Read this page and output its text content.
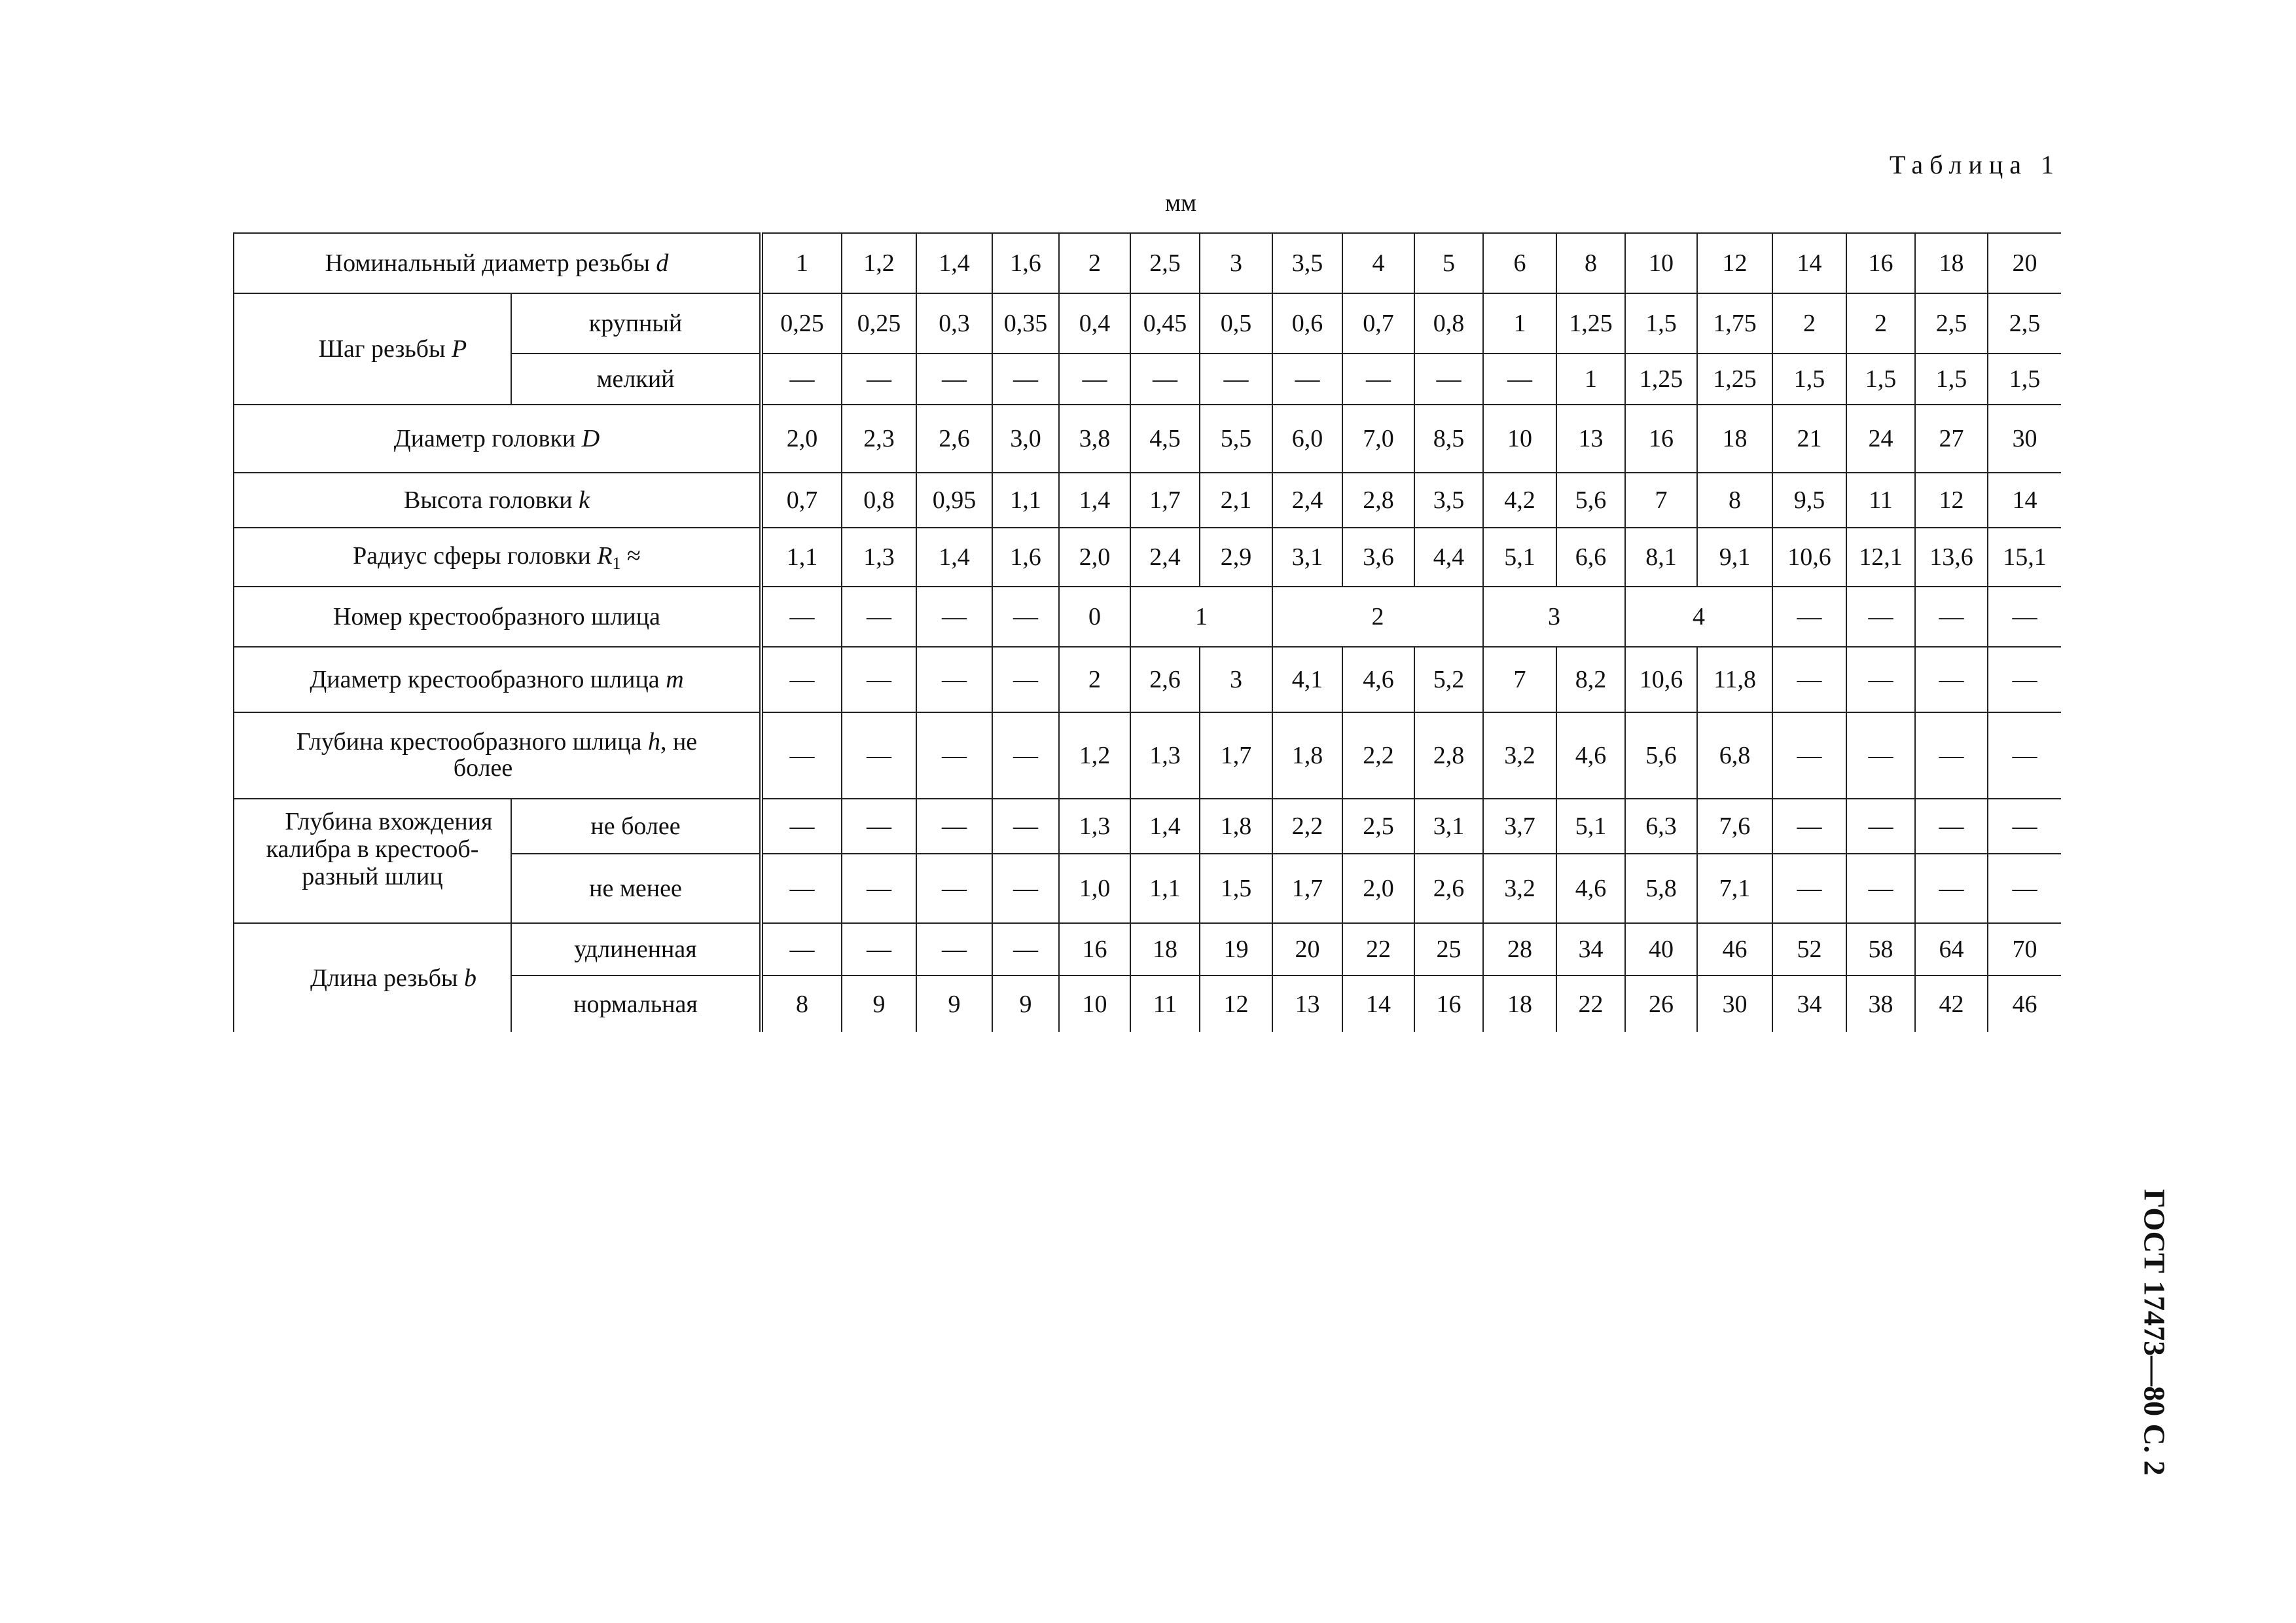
Таблица 1
мм
ГОСТ 17473—80 С. 2
Номинальный диаметр резьбы d		1	1,2	1,4	1,6	2	2,5	3	3,5	4	5	6	8	10	12	14	16	18	20
Шаг резьбы P	крупный	0,25	0,25	0,3	0,35	0,4	0,45	0,5	0,6	0,7	0,8	1	1,25	1,5	1,75	2	2	2,5	2,5
	мелкий	—	—	—	—	—	—	—	—	—	—	—	1	1,25	1,25	1,5	1,5	1,5	1,5
Диаметр головки D		2,0	2,3	2,6	3,0	3,8	4,5	5,5	6,0	7,0	8,5	10	13	16	18	21	24	27	30
Высота головки k		0,7	0,8	0,95	1,1	1,4	1,7	2,1	2,4	2,8	3,5	4,2	5,6	7	8	9,5	11	12	14
Радиус сферы головки $R_1$ ≈		1,1	1,3	1,4	1,6	2,0	2,4	2,9	3,1	3,6	4,4	5,1	6,6	8,1	9,1	10,6	12,1	13,6	15,1
Номер крестообразного шлица		—	—	—	—	0	1		2			3		4		—	—	—	—
Диаметр крестообразного шлица m		—	—	—	—	2	2,6	3	4,1	4,6	5,2	7	8,2	10,6	11,8	—	—	—	—

Глубина крестообразного шлица h, не
более		—	—	—	—	1,2	1,3	1,7	1,8	2,2	2,8	3,2	4,6	5,6	6,8	—	—	—	—

Глубина вхождения
калибра в крестооб-
разный шлиц	не более	—	—	—	—	1,3	1,4	1,8	2,2	2,5	3,1	3,7	5,1	6,3	7,6	—	—	—	—
	не менее	—	—	—	—	1,0	1,1	1,5	1,7	2,0	2,6	3,2	4,6	5,8	7,1	—	—	—	—
Длина резьбы b	удлиненная	—	—	—	—	16	18	19	20	22	25	28	34	40	46	52	58	64	70
	нормальная	8	9	9	9	10	11	12	13	14	16	18	22	26	30	34	38	42	46
